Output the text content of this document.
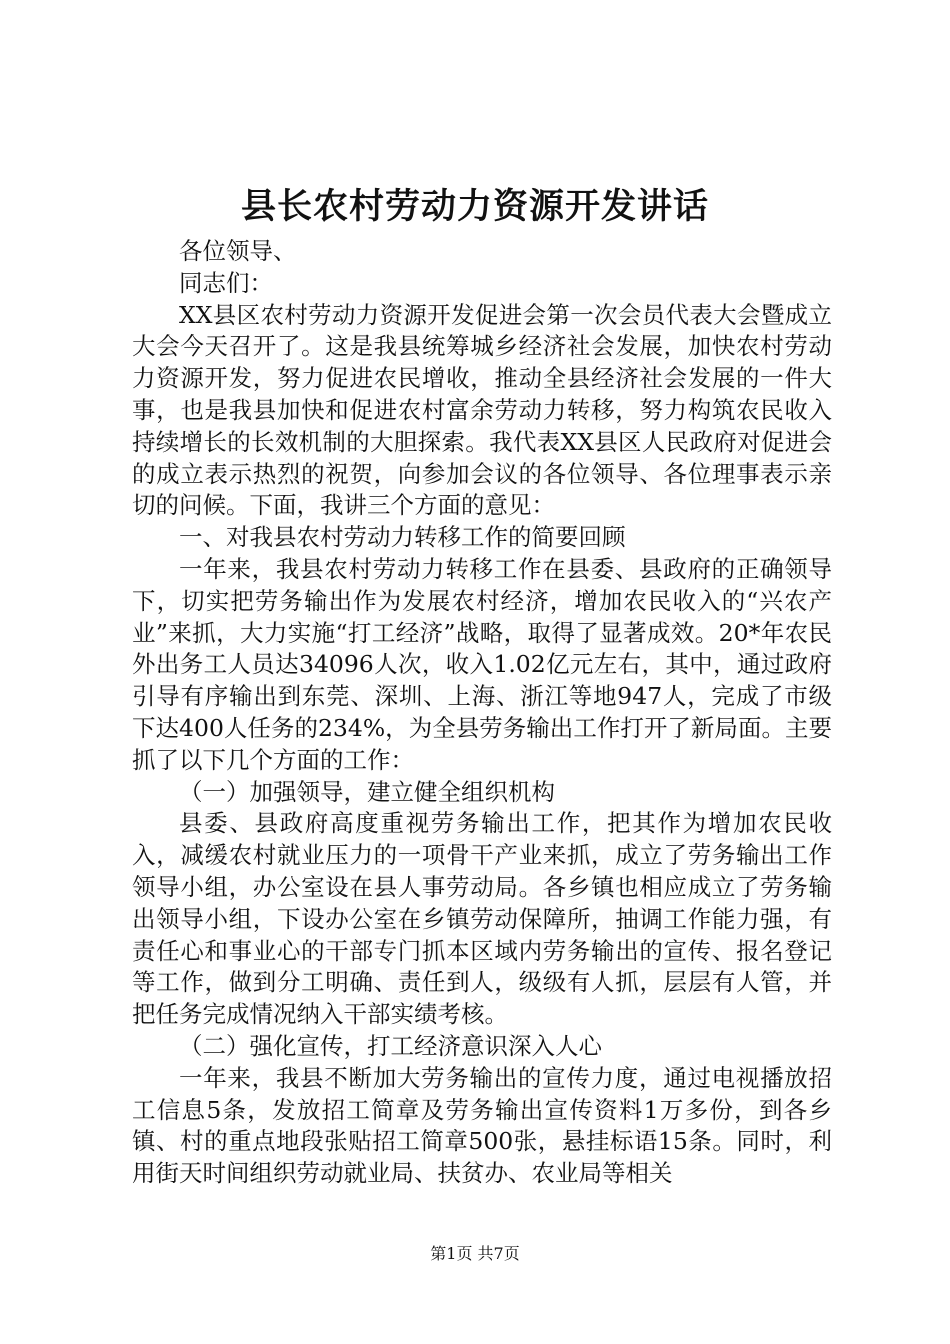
县长农村劳动力资源开发讲话

各位领导、

同志们：

XX县区农村劳动力资源开发促进会第一次会员代表大会暨成立大会今天召开了。这是我县统筹城乡经济社会发展，加快农村劳动力资源开发，努力促进农民增收，推动全县经济社会发展的一件大事，也是我县加快和促进农村富余劳动力转移，努力构筑农民收入持续增长的长效机制的大胆探索。我代表XX县区人民政府对促进会的成立表示热烈的祝贺，向参加会议的各位领导、各位理事表示亲切的问候。下面，我讲三个方面的意见：

一、对我县农村劳动力转移工作的简要回顾

一年来，我县农村劳动力转移工作在县委、县政府的正确领导下，切实把劳务输出作为发展农村经济，增加农民收入的“兴农产业”来抓，大力实施“打工经济”战略，取得了显著成效。20*年农民外出务工人员达34096人次，收入1.02亿元左右，其中，通过政府引导有序输出到东莞、深圳、上海、浙江等地947人，完成了市级下达400人任务的234%，为全县劳务输出工作打开了新局面。主要抓了以下几个方面的工作：

（一）加强领导，建立健全组织机构

县委、县政府高度重视劳务输出工作，把其作为增加农民收入，减缓农村就业压力的一项骨干产业来抓，成立了劳务输出工作领导小组，办公室设在县人事劳动局。各乡镇也相应成立了劳务输出领导小组，下设办公室在乡镇劳动保障所，抽调工作能力强，有责任心和事业心的干部专门抓本区域内劳务输出的宣传、报名登记等工作，做到分工明确、责任到人，级级有人抓，层层有人管，并把任务完成情况纳入干部实绩考核。

（二）强化宣传，打工经济意识深入人心

一年来，我县不断加大劳务输出的宣传力度，通过电视播放招工信息5条，发放招工简章及劳务输出宣传资料1万多份，到各乡镇、村的重点地段张贴招工简章500张，悬挂标语15条。同时，利用街天时间组织劳动就业局、扶贫办、农业局等相关

第1页 共7页
